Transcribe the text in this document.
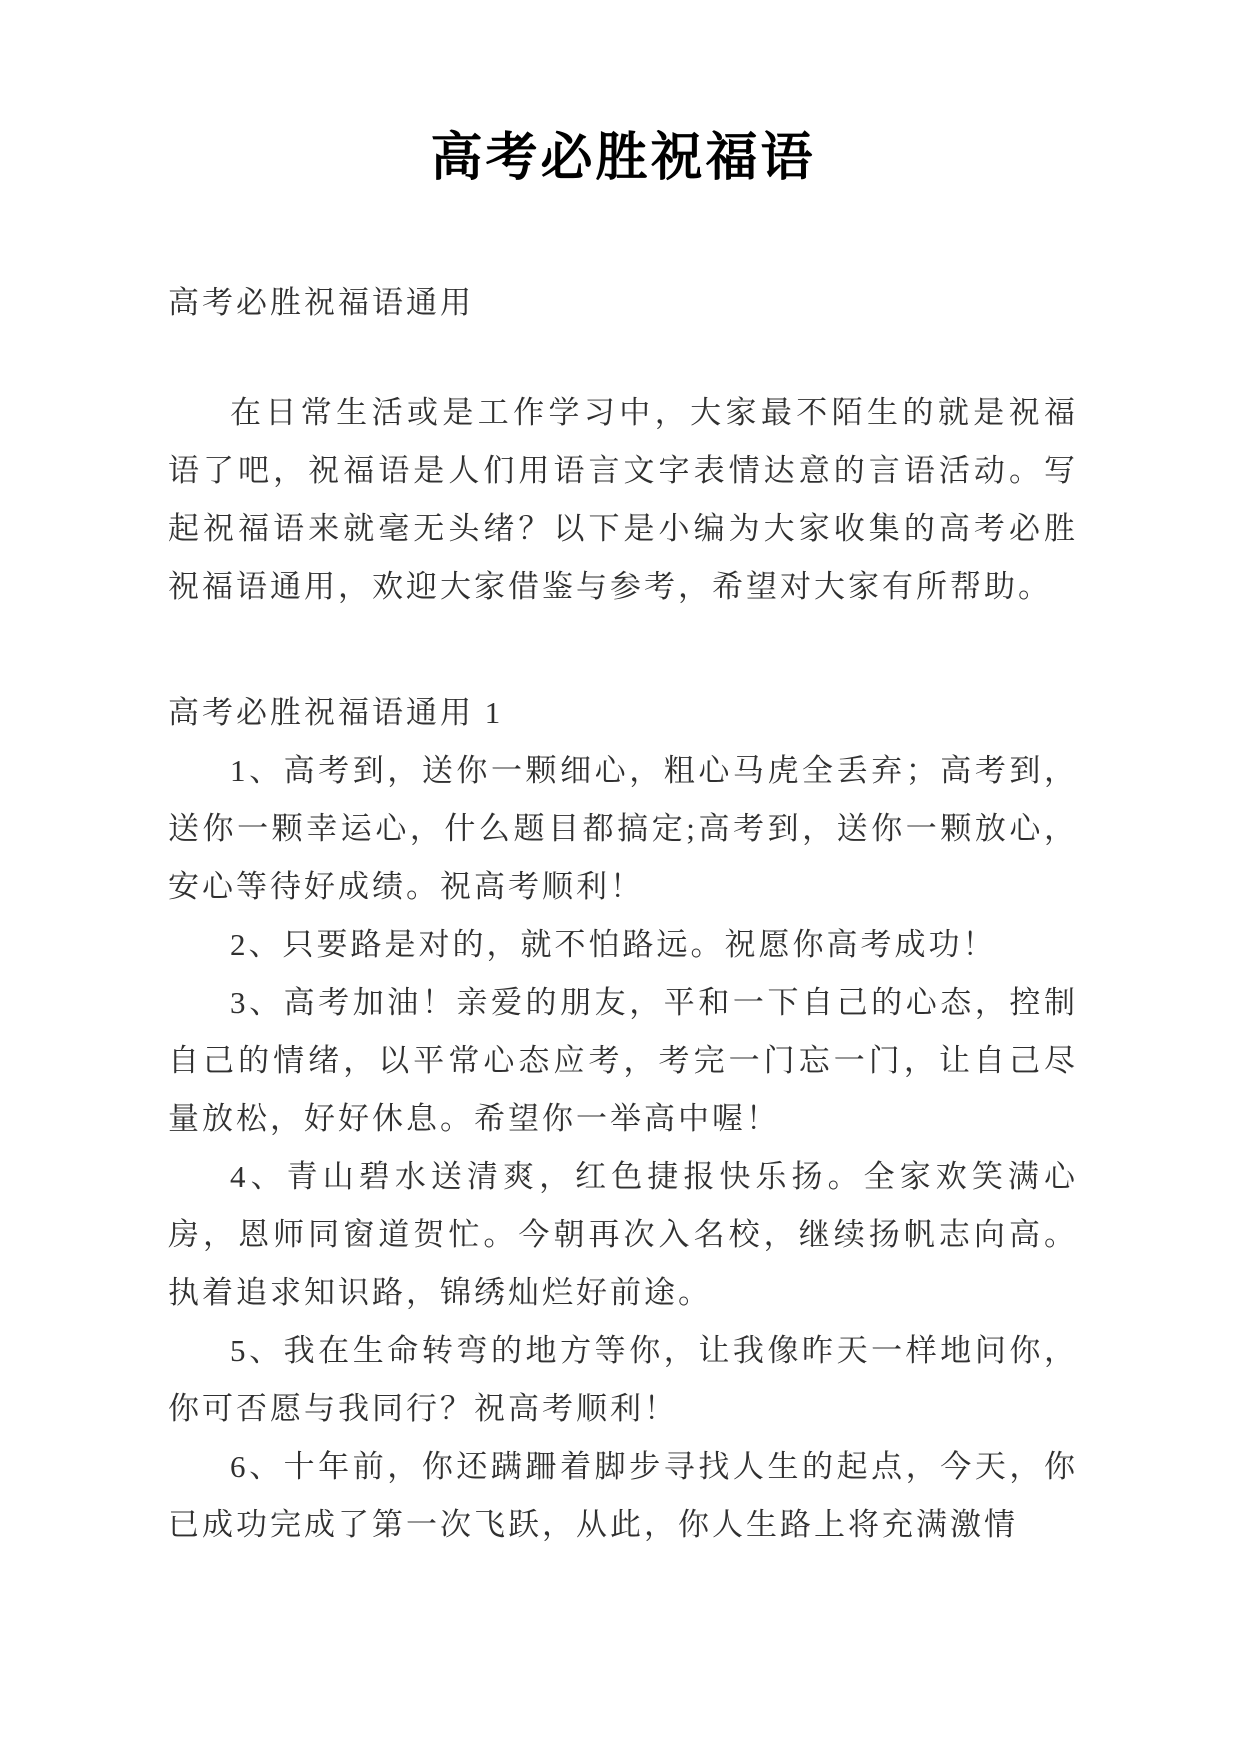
高考必胜祝福语

高考必胜祝福语通用

在日常生活或是工作学习中，大家最不陌生的就是祝福语了吧，祝福语是人们用语言文字表情达意的言语活动。写起祝福语来就毫无头绪？以下是小编为大家收集的高考必胜祝福语通用，欢迎大家借鉴与参考，希望对大家有所帮助。

高考必胜祝福语通用 1

1、高考到，送你一颗细心，粗心马虎全丢弃；高考到，送你一颗幸运心，什么题目都搞定;高考到，送你一颗放心，安心等待好成绩。祝高考顺利！

2、只要路是对的，就不怕路远。祝愿你高考成功！

3、高考加油！亲爱的朋友，平和一下自己的心态，控制自己的情绪，以平常心态应考，考完一门忘一门，让自己尽量放松，好好休息。希望你一举高中喔！

4、青山碧水送清爽，红色捷报快乐扬。全家欢笑满心房，恩师同窗道贺忙。今朝再次入名校，继续扬帆志向高。执着追求知识路，锦绣灿烂好前途。

5、我在生命转弯的地方等你，让我像昨天一样地问你，你可否愿与我同行？祝高考顺利！

6、十年前，你还蹒跚着脚步寻找人生的起点，今天，你已成功完成了第一次飞跃，从此，你人生路上将充满激情
